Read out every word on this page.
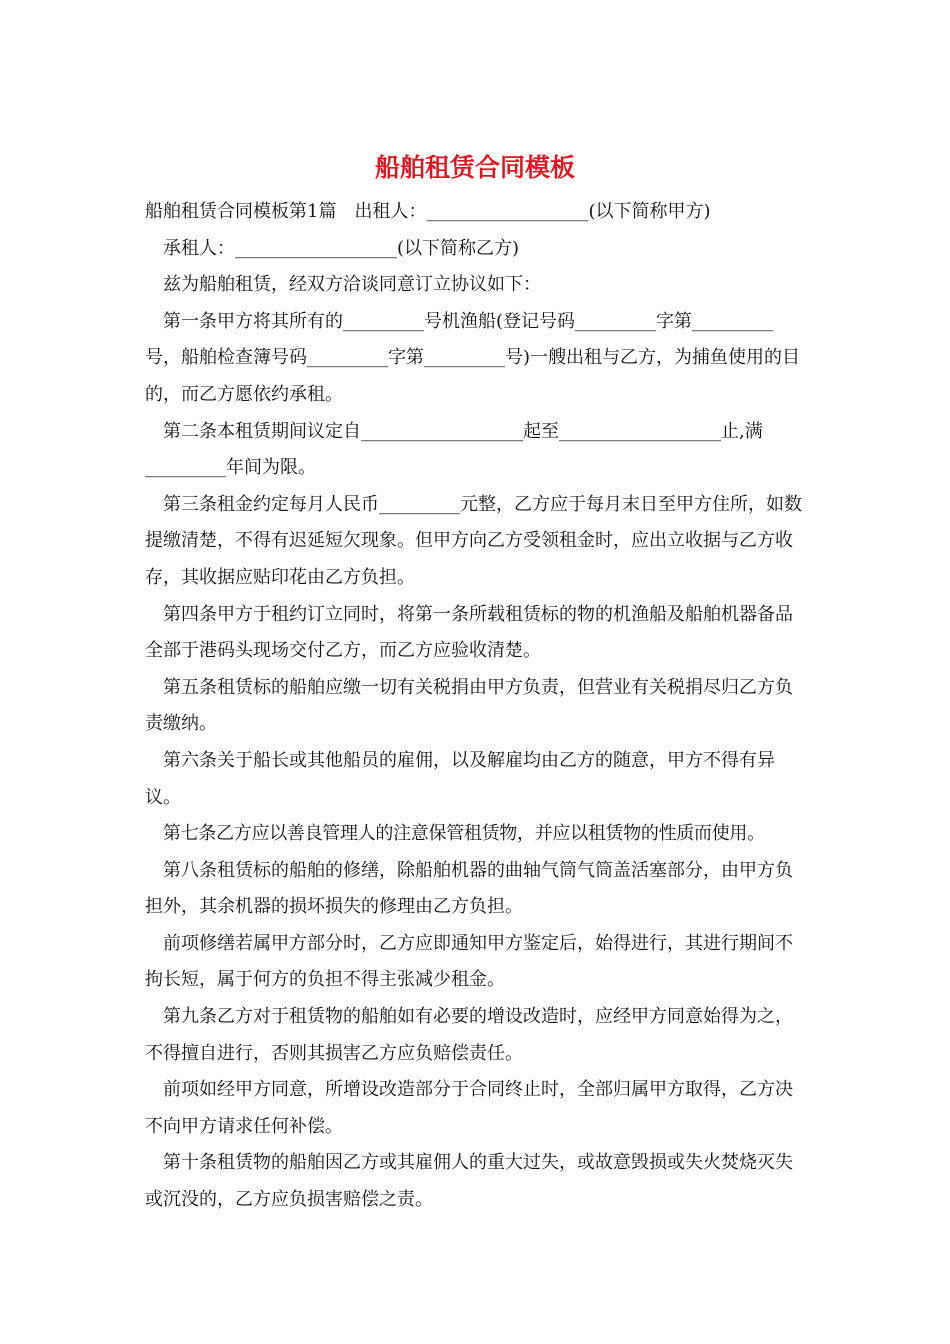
船舶租赁合同模板

船舶租赁合同模板第1篇　出租人：__________________(以下简称甲方)

承租人：__________________(以下简称乙方)

兹为船舶租赁，经双方洽谈同意订立协议如下：

第一条甲方将其所有的_________号机渔船(登记号码_________字第_________号，船舶检查簿号码_________字第_________号)一艘出租与乙方，为捕鱼使用的目的，而乙方愿依约承租。

第二条本租赁期间议定自__________________起至__________________止,满_________年间为限。

第三条租金约定每月人民币_________元整，乙方应于每月末日至甲方住所，如数提缴清楚，不得有迟延短欠现象。但甲方向乙方受领租金时，应出立收据与乙方收存，其收据应贴印花由乙方负担。

第四条甲方于租约订立同时，将第一条所载租赁标的物的机渔船及船舶机器备品全部于港码头现场交付乙方，而乙方应验收清楚。

第五条租赁标的船舶应缴一切有关税捐由甲方负责，但营业有关税捐尽归乙方负责缴纳。

第六条关于船长或其他船员的雇佣，以及解雇均由乙方的随意，甲方不得有异议。

第七条乙方应以善良管理人的注意保管租赁物，并应以租赁物的性质而使用。

第八条租赁标的船舶的修缮，除船舶机器的曲轴气筒气筒盖活塞部分，由甲方负担外，其余机器的损坏损失的修理由乙方负担。

前项修缮若属甲方部分时，乙方应即通知甲方鉴定后，始得进行，其进行期间不拘长短，属于何方的负担不得主张减少租金。

第九条乙方对于租赁物的船舶如有必要的增设改造时，应经甲方同意始得为之，不得擅自进行，否则其损害乙方应负赔偿责任。

前项如经甲方同意，所增设改造部分于合同终止时，全部归属甲方取得，乙方决不向甲方请求任何补偿。

第十条租赁物的船舶因乙方或其雇佣人的重大过失，或故意毁损或失火焚烧灭失或沉没的，乙方应负损害赔偿之责。
